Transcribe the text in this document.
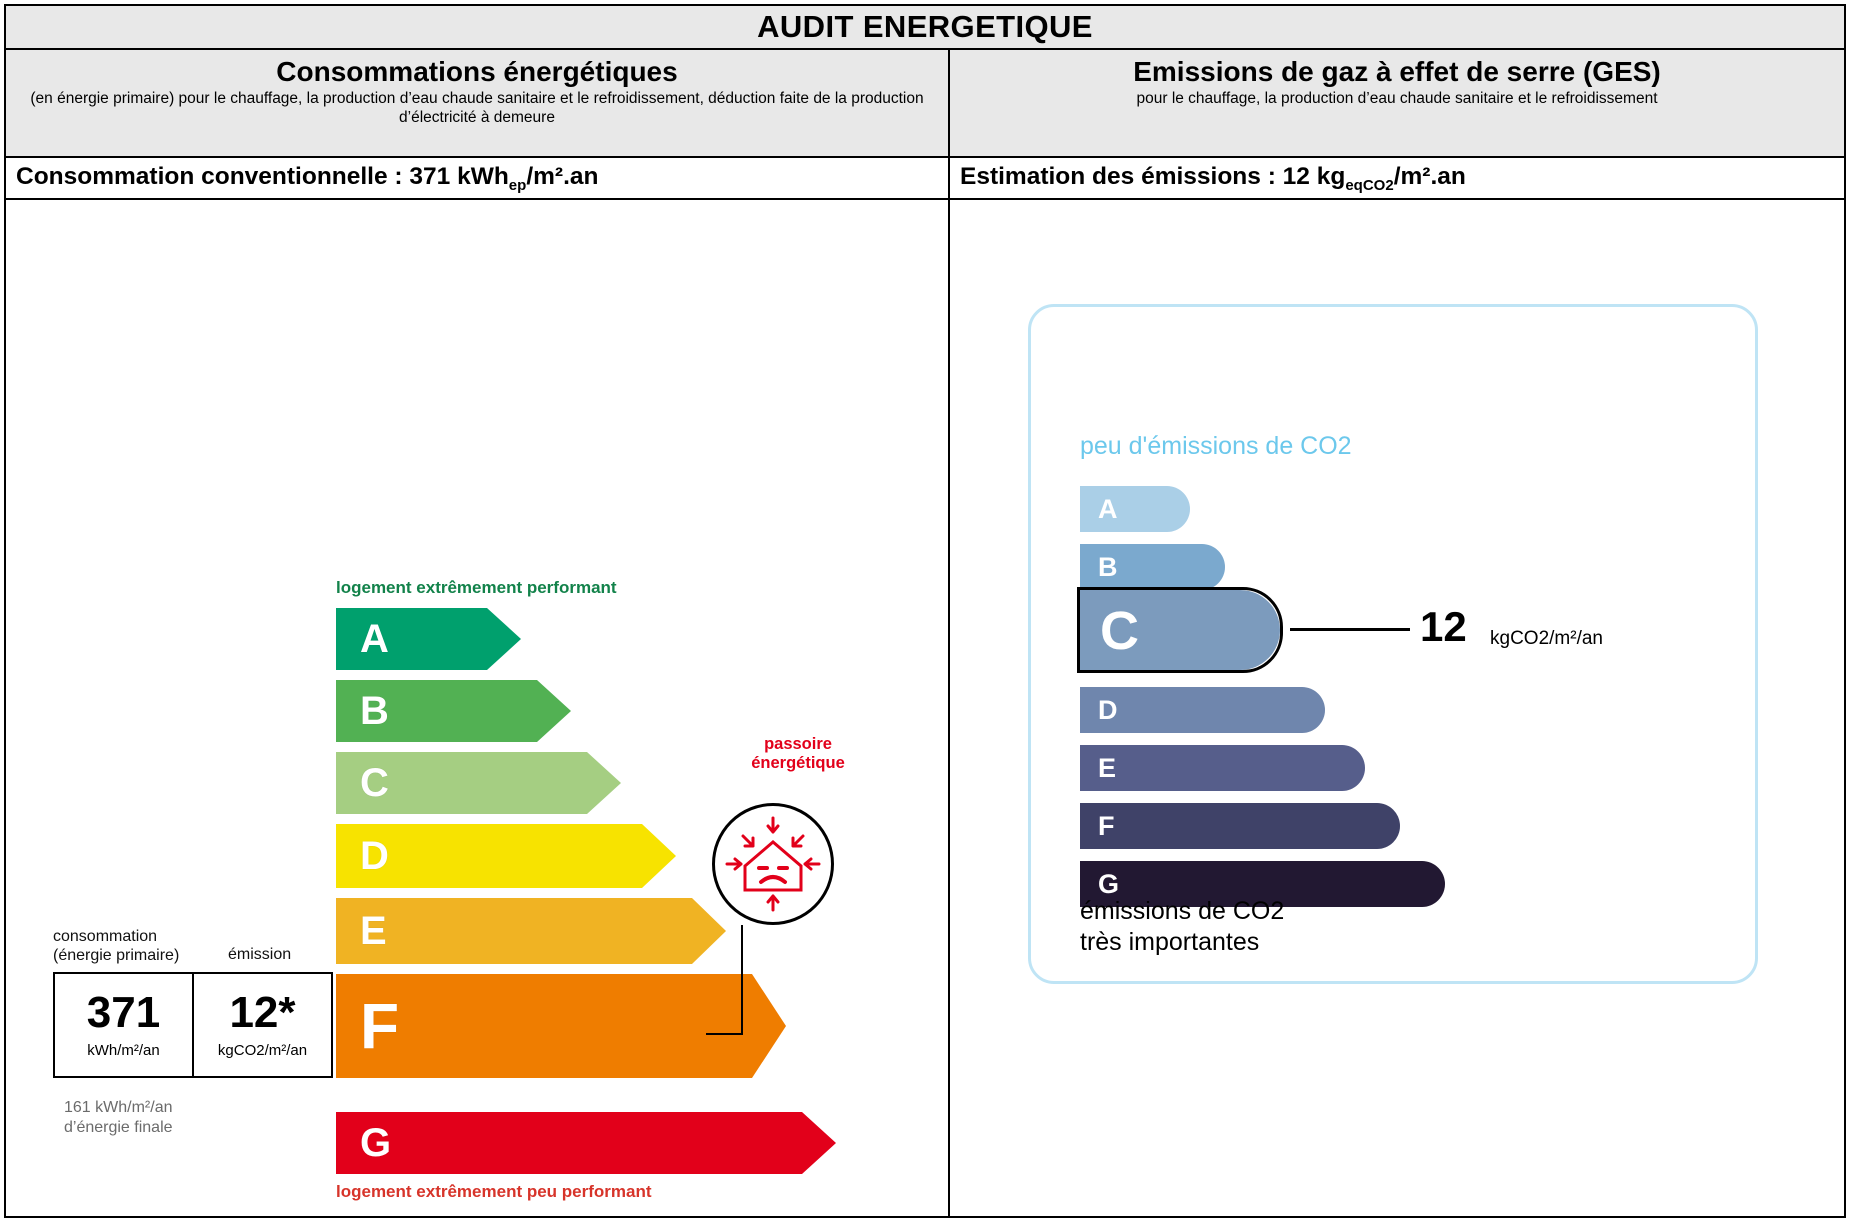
AUDIT ENERGETIQUE
Consommations énergétiques
(en énergie primaire) pour le chauffage, la production d’eau chaude sanitaire et le refroidissement, déduction faite de la production d’électricité à demeure
Consommation conventionnelle : 371 kWh$_{ep}$/m².an
logement extrêmement performant
A
B
C
D
E
F
G
logement extrêmement peu performant
passoire
énergétique
consommation
(énergie primaire)	émission
371
kWh/m²/an
12*
kgCO2/m²/an
161 kWh/m²/an
d’énergie finale
Emissions de gaz à effet de serre (GES)
pour le chauffage, la production d’eau chaude sanitaire et le refroidissement
Estimation des émissions : 12 $kg_{eqCO2}/m^2.an$
peu d'émissions de CO2
A
B
C	12 kgCO2/m²/an
D
E
F
G
émissions de CO2
très importantes
